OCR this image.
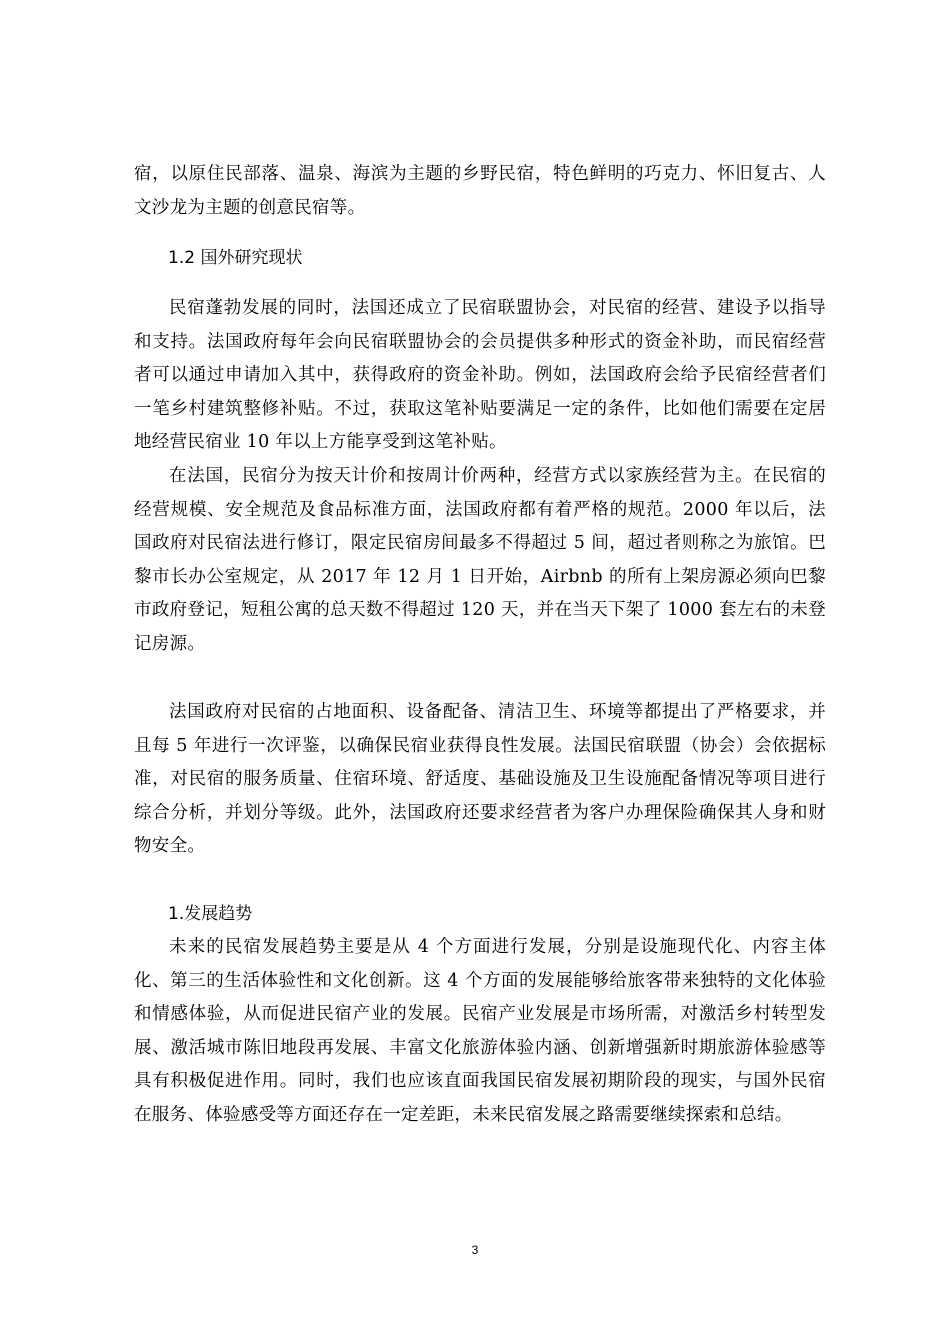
宿，以原住民部落、温泉、海滨为主题的乡野民宿，特色鲜明的巧克力、怀旧复古、人文沙龙为主题的创意民宿等。

1.2 国外研究现状

民宿蓬勃发展的同时，法国还成立了民宿联盟协会，对民宿的经营、建设予以指导和支持。法国政府每年会向民宿联盟协会的会员提供多种形式的资金补助，而民宿经营者可以通过申请加入其中，获得政府的资金补助。例如，法国政府会给予民宿经营者们一笔乡村建筑整修补贴。不过，获取这笔补贴要满足一定的条件，比如他们需要在定居地经营民宿业 10 年以上方能享受到这笔补贴。

在法国，民宿分为按天计价和按周计价两种，经营方式以家族经营为主。在民宿的经营规模、安全规范及食品标准方面，法国政府都有着严格的规范。2000 年以后，法国政府对民宿法进行修订，限定民宿房间最多不得超过 5 间，超过者则称之为旅馆。巴黎市长办公室规定，从 2017 年 12 月 1 日开始，Airbnb 的所有上架房源必须向巴黎市政府登记，短租公寓的总天数不得超过 120 天，并在当天下架了 1000 套左右的未登记房源。

法国政府对民宿的占地面积、设备配备、清洁卫生、环境等都提出了严格要求，并且每 5 年进行一次评鉴，以确保民宿业获得良性发展。法国民宿联盟（协会）会依据标准，对民宿的服务质量、住宿环境、舒适度、基础设施及卫生设施配备情况等项目进行综合分析，并划分等级。此外，法国政府还要求经营者为客户办理保险确保其人身和财物安全。

1.发展趋势

未来的民宿发展趋势主要是从 4 个方面进行发展，分别是设施现代化、内容主体化、第三的生活体验性和文化创新。这 4 个方面的发展能够给旅客带来独特的文化体验和情感体验，从而促进民宿产业的发展。民宿产业发展是市场所需，对激活乡村转型发展、激活城市陈旧地段再发展、丰富文化旅游体验内涵、创新增强新时期旅游体验感等具有积极促进作用。同时，我们也应该直面我国民宿发展初期阶段的现实，与国外民宿在服务、体验感受等方面还存在一定差距，未来民宿发展之路需要继续探索和总结。

3
